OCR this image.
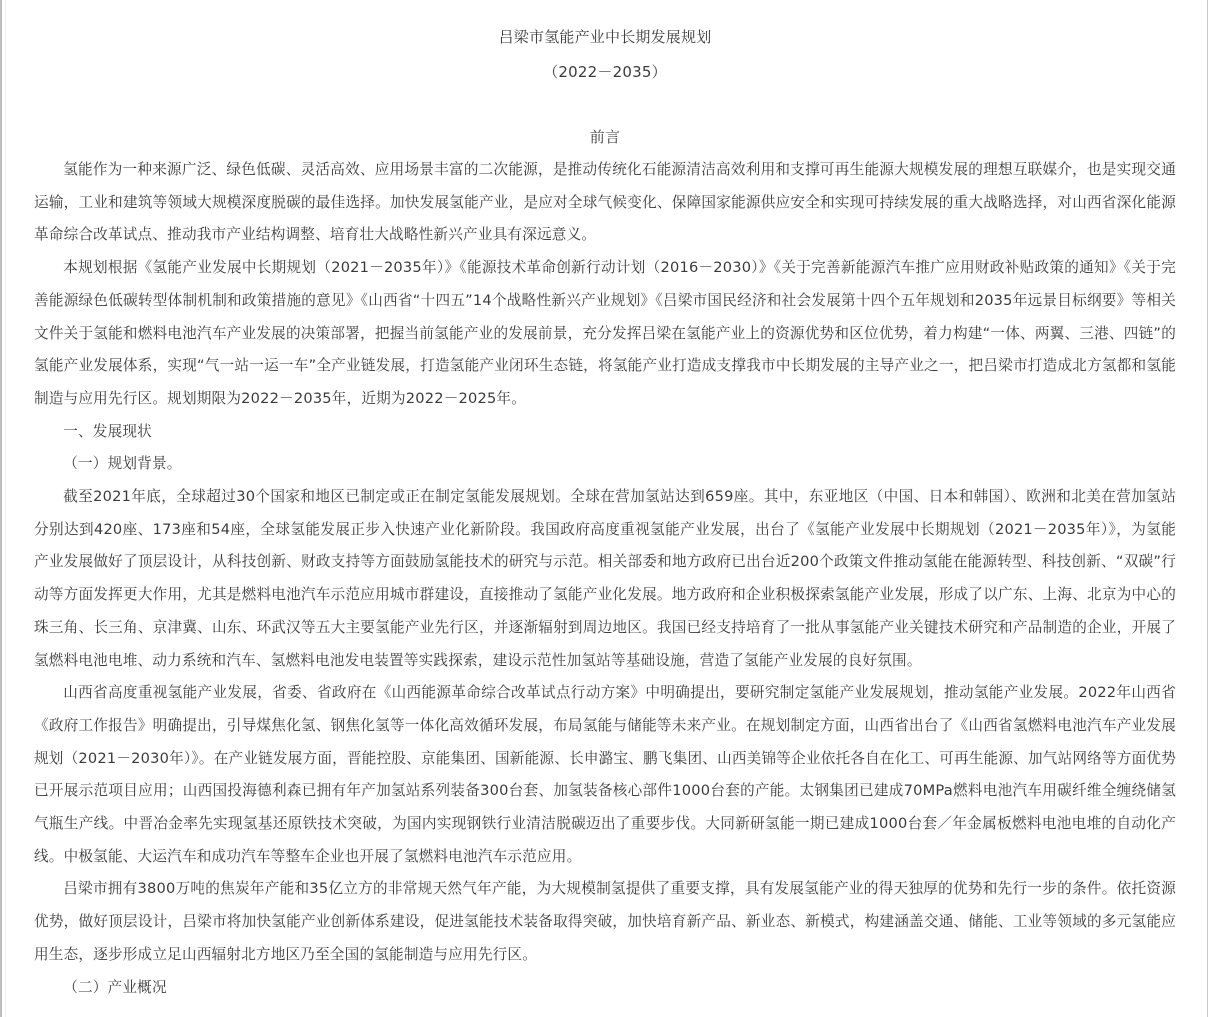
吕梁市氢能产业中长期发展规划
（2022－2035）
前言

氢能作为一种来源广泛、绿色低碳、灵活高效、应用场景丰富的二次能源，是推动传统化石能源清洁高效利用和支撑可再生能源大规模发展的理想互联媒介，也是实现交通运输，工业和建筑等领域大规模深度脱碳的最佳选择。加快发展氢能产业，是应对全球气候变化、保障国家能源供应安全和实现可持续发展的重大战略选择，对山西省深化能源革命综合改革试点、推动我市产业结构调整、培育壮大战略性新兴产业具有深远意义。

本规划根据《氢能产业发展中长期规划（2021－2035年）》《能源技术革命创新行动计划（2016－2030）》《关于完善新能源汽车推广应用财政补贴政策的通知》《关于完善能源绿色低碳转型体制机制和政策措施的意见》《山西省“十四五”14个战略性新兴产业规划》《吕梁市国民经济和社会发展第十四个五年规划和2035年远景目标纲要》等相关文件关于氢能和燃料电池汽车产业发展的决策部署，把握当前氢能产业的发展前景，充分发挥吕梁在氢能产业上的资源优势和区位优势，着力构建“一体、两翼、三港、四链”的氢能产业发展体系，实现“气一站一运一车”全产业链发展，打造氢能产业闭环生态链，将氢能产业打造成支撑我市中长期发展的主导产业之一，把吕梁市打造成北方氢都和氢能制造与应用先行区。规划期限为2022－2035年，近期为2022－2025年。

一、发展现状
（一）规划背景。

截至2021年底，全球超过30个国家和地区已制定或正在制定氢能发展规划。全球在营加氢站达到659座。其中，东亚地区（中国、日本和韩国）、欧洲和北美在营加氢站分别达到420座、173座和54座，全球氢能发展正步入快速产业化新阶段。我国政府高度重视氢能产业发展，出台了《氢能产业发展中长期规划（2021－2035年）》，为氢能产业发展做好了顶层设计，从科技创新、财政支持等方面鼓励氢能技术的研究与示范。相关部委和地方政府已出台近200个政策文件推动氢能在能源转型、科技创新、“双碳”行动等方面发挥更大作用，尤其是燃料电池汽车示范应用城市群建设，直接推动了氢能产业化发展。地方政府和企业积极探索氢能产业发展，形成了以广东、上海、北京为中心的珠三角、长三角、京津冀、山东、环武汉等五大主要氢能产业先行区，并逐渐辐射到周边地区。我国已经支持培育了一批从事氢能产业关键技术研究和产品制造的企业，开展了氢燃料电池电堆、动力系统和汽车、氢燃料电池发电装置等实践探索，建设示范性加氢站等基础设施，营造了氢能产业发展的良好氛围。

山西省高度重视氢能产业发展，省委、省政府在《山西能源革命综合改革试点行动方案》中明确提出，要研究制定氢能产业发展规划，推动氢能产业发展。2022年山西省《政府工作报告》明确提出，引导煤焦化氢、钢焦化氢等一体化高效循环发展，布局氢能与储能等未来产业。在规划制定方面，山西省出台了《山西省氢燃料电池汽车产业发展规划（2021－2030年）》。在产业链发展方面，晋能控股、京能集团、国新能源、长申潞宝、鹏飞集团、山西美锦等企业依托各自在化工、可再生能源、加气站网络等方面优势已开展示范项目应用；山西国投海德利森已拥有年产加氢站系列装备300台套、加氢装备核心部件1000台套的产能。太钢集团已建成70MPa燃料电池汽车用碳纤维全缠绕储氢气瓶生产线。中晋冶金率先实现氢基还原铁技术突破，为国内实现钢铁行业清洁脱碳迈出了重要步伐。大同新研氢能一期已建成1000台套／年金属板燃料电池电堆的自动化产线。中极氢能、大运汽车和成功汽车等整车企业也开展了氢燃料电池汽车示范应用。

吕梁市拥有3800万吨的焦炭年产能和35亿立方的非常规天然气年产能，为大规模制氢提供了重要支撑，具有发展氢能产业的得天独厚的优势和先行一步的条件。依托资源优势，做好顶层设计，吕梁市将加快氢能产业创新体系建设，促进氢能技术装备取得突破，加快培育新产品、新业态、新模式，构建涵盖交通、储能、工业等领域的多元氢能应用生态，逐步形成立足山西辐射北方地区乃至全国的氢能制造与应用先行区。

（二）产业概况
